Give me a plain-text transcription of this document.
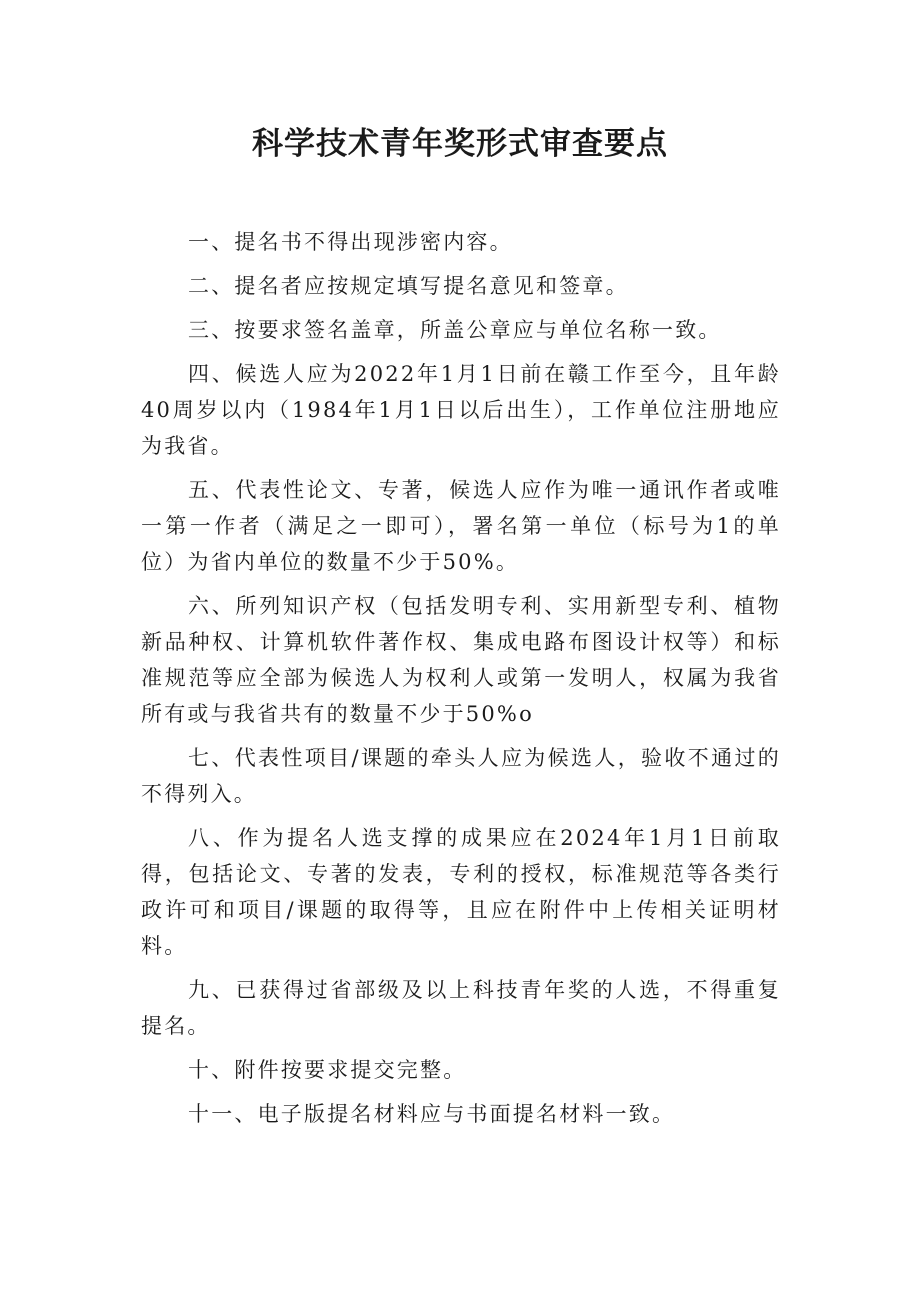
科学技术青年奖形式审查要点

一、提名书不得出现涉密内容。

二、提名者应按规定填写提名意见和签章。

三、按要求签名盖章，所盖公章应与单位名称一致。

四、候选人应为2022年1月1日前在赣工作至今，且年龄40周岁以内（1984年1月1日以后出生），工作单位注册地应为我省。

五、代表性论文、专著，候选人应作为唯一通讯作者或唯一第一作者（满足之一即可），署名第一单位（标号为1的单位）为省内单位的数量不少于50%。

六、所列知识产权（包括发明专利、实用新型专利、植物新品种权、计算机软件著作权、集成电路布图设计权等）和标准规范等应全部为候选人为权利人或第一发明人，权属为我省所有或与我省共有的数量不少于50%o

七、代表性项目/课题的牵头人应为候选人，验收不通过的不得列入。

八、作为提名人选支撑的成果应在2024年1月1日前取得，包括论文、专著的发表，专利的授权，标准规范等各类行政许可和项目/课题的取得等，且应在附件中上传相关证明材料。

九、已获得过省部级及以上科技青年奖的人选，不得重复提名。

十、附件按要求提交完整。

十一、电子版提名材料应与书面提名材料一致。
